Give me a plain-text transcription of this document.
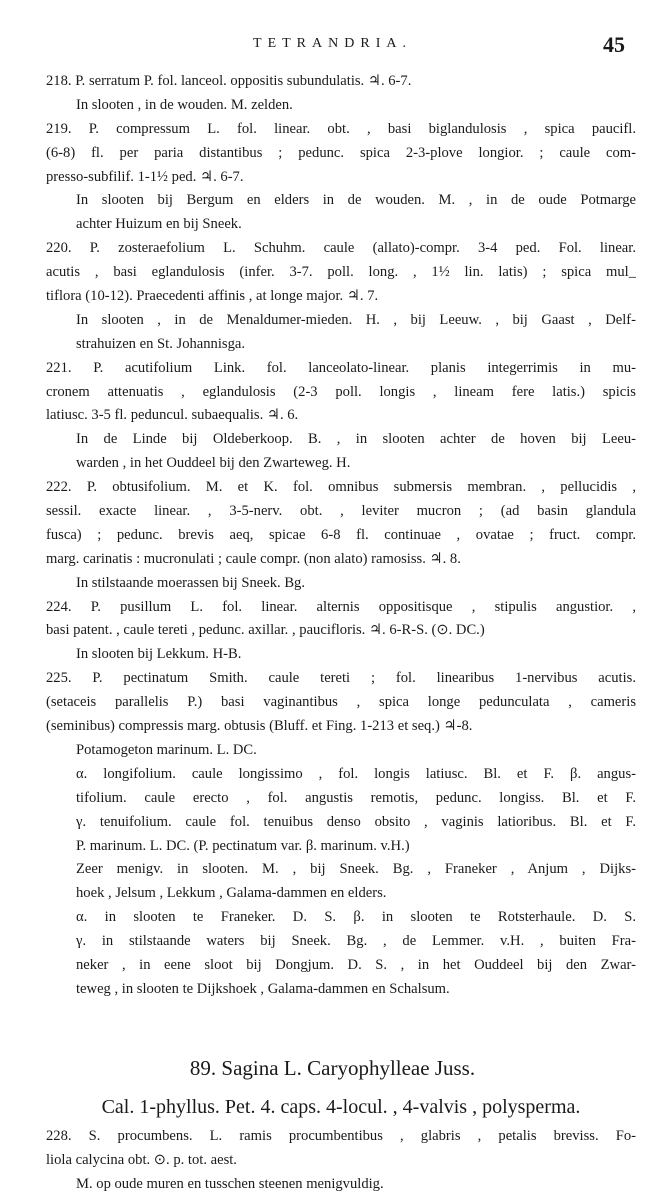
TETRANDRIA.	45
218. P. serratum P. fol. lanceol. oppositis subundulatis. ♃. 6-7.
In slooten , in de wouden. M. zelden.
219. P. compressum L. fol. linear. obt. , basi biglandulosis , spica paucifl.
(6-8) fl. per paria distantibus ; pedunc. spica 2-3-plove longior. ; caule com-
presso-subfilif. 1-1½ ped. ♃. 6-7.
In slooten bij Bergum en elders in de wouden. M. , in de oude Potmarge
achter Huizum en bij Sneek.
220. P. zosteraefolium L. Schuhm. caule (allato)-compr. 3-4 ped. Fol. linear.
acutis , basi eglandulosis (infer. 3-7. poll. long. , 1½ lin. latis) ; spica mul_
tiflora (10-12). Praecedenti affinis , at longe major. ♃. 7.
In slooten , in de Menaldumer-mieden. H. , bij Leeuw. , bij Gaast , Delf-
strahuizen en St. Johannisga.
221. P. acutifolium Link. fol. lanceolato-linear. planis integerrimis in mu-
cronem attenuatis , eglandulosis (2-3 poll. longis , lineam fere latis.) spicis
latiusc. 3-5 fl. peduncul. subaequalis. ♃. 6.
In de Linde bij Oldeberkoop. B. , in slooten achter de hoven bij Leeu-
warden , in het Ouddeel bij den Zwarteweg. H.
222. P. obtusifolium. M. et K. fol. omnibus submersis membran. , pellucidis ,
sessil. exacte linear. , 3-5-nerv. obt. , leviter mucron ; (ad basin glandula
fusca) ; pedunc. brevis aeq, spicae 6-8 fl. continuae , ovatae ; fruct. compr.
marg. carinatis : mucronulati ; caule compr. (non alato) ramosiss. ♃. 8.
In stilstaande moerassen bij Sneek. Bg.
224. P. pusillum L. fol. linear. alternis oppositisque , stipulis angustior. ,
basi patent. , caule tereti , pedunc. axillar. , paucifloris. ♃. 6-R-S. (⊙. DC.)
In slooten bij Lekkum. H-B.
225. P. pectinatum Smith. caule tereti ; fol. linearibus 1-nervibus acutis.
(setaceis parallelis P.) basi vaginantibus , spica longe pedunculata , cameris
(seminibus) compressis marg. obtusis (Bluff. et Fing. 1-213 et seq.) ♃-8.
Potamogeton marinum. L. DC.
α. longifolium. caule longissimo , fol. longis latiusc. Bl. et F. β. angus-
tifolium. caule erecto , fol. angustis remotis, pedunc. longiss. Bl. et F.
γ. tenuifolium. caule fol. tenuibus denso obsito , vaginis latioribus. Bl. et F.
P. marinum. L. DC. (P. pectinatum var. β. marinum. v.H.)
Zeer menigv. in slooten. M. , bij Sneek. Bg. , Franeker , Anjum , Dijks-
hoek , Jelsum , Lekkum , Galama-dammen en elders.
α. in slooten te Franeker. D. S. β. in slooten te Rotsterhaule. D. S.
γ. in stilstaande waters bij Sneek. Bg. , de Lemmer. v.H. , buiten Fra-
neker , in eene sloot bij Dongjum. D. S. , in het Ouddeel bij den Zwar-
teweg , in slooten te Dijkshoek , Galama-dammen en Schalsum.
89. Sagina L. Caryophylleae Juss.
Cal. 1-phyllus. Pet. 4. caps. 4-locul. , 4-valvis , polysperma.
228. S. procumbens. L. ramis procumbentibus , glabris , petalis breviss. Fo-
liola calycina obt. ⊙. p. tot. aest.
M. op oude muren en tusschen steenen menigvuldig.
